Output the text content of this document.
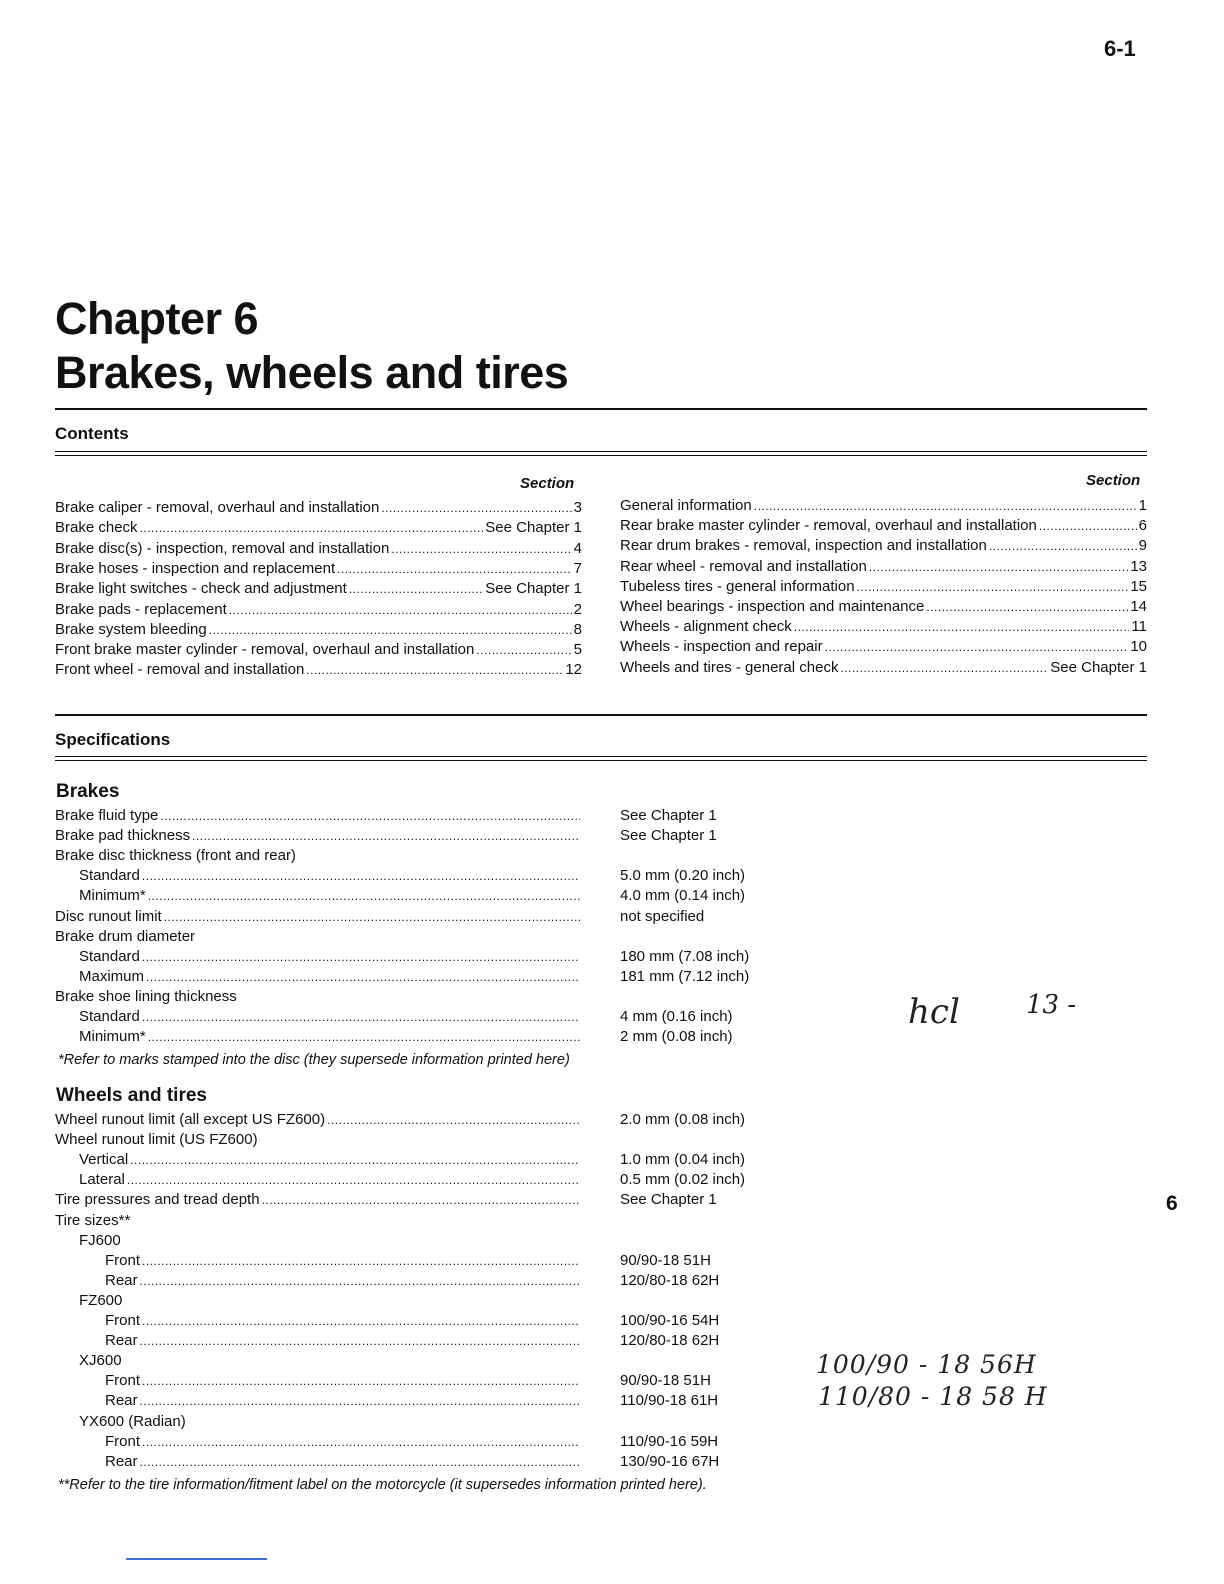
6-1
Chapter 6
Brakes, wheels and tires
Contents
Section	Section
Brake caliper - removal, overhaul and installation .....	3
Brake check .....	See Chapter 1
Brake disc(s) - inspection, removal and installation .....	4
Brake hoses - inspection and replacement .....	7
Brake light switches - check and adjustment .....	See Chapter 1
Brake pads - replacement .....	2
Brake system bleeding .....	8
Front brake master cylinder - removal, overhaul and installation .....	5
Front wheel - removal and installation .....	12
General information .....	1
Rear brake master cylinder - removal, overhaul and installation .....	6
Rear drum brakes - removal, inspection and installation .....	9
Rear wheel - removal and installation .....	13
Tubeless tires - general information .....	15
Wheel bearings - inspection and maintenance .....	14
Wheels - alignment check .....	11
Wheels - inspection and repair .....	10
Wheels and tires - general check .....	See Chapter 1
Specifications
Brakes
Brake fluid type .....	See Chapter 1
Brake pad thickness .....	See Chapter 1
Brake disc thickness (front and rear)
Standard .....	5.0 mm (0.20 inch)
Minimum* .....	4.0 mm (0.14 inch)
Disc runout limit .....	not specified
Brake drum diameter
Standard .....	180 mm (7.08 inch)
Maximum .....	181 mm (7.12 inch)
Brake shoe lining thickness
Standard .....	4 mm (0.16 inch)
Minimum* .....	2 mm (0.08 inch)
*Refer to marks stamped into the disc (they supersede information printed here)
Wheels and tires
Wheel runout limit (all except US FZ600) .....	2.0 mm (0.08 inch)
Wheel runout limit (US FZ600)
Vertical .....	1.0 mm (0.04 inch)
Lateral .....	0.5 mm (0.02 inch)
Tire pressures and tread depth .....	See Chapter 1
Tire sizes**
FJ600
Front .....	90/90-18 51H
Rear .....	120/80-18 62H
FZ600
Front .....	100/90-16 54H
Rear .....	120/80-18 62H
XJ600
Front .....	90/90-18 51H
Rear .....	110/90-18 61H
YX600 (Radian)
Front .....	110/90-16 59H
Rear .....	130/90-16 67H
**Refer to the tire information/fitment label on the motorcycle (it supersedes information printed here).
6
hcl	13 -
100/90 - 18 56H
110/80 - 18 58 H
